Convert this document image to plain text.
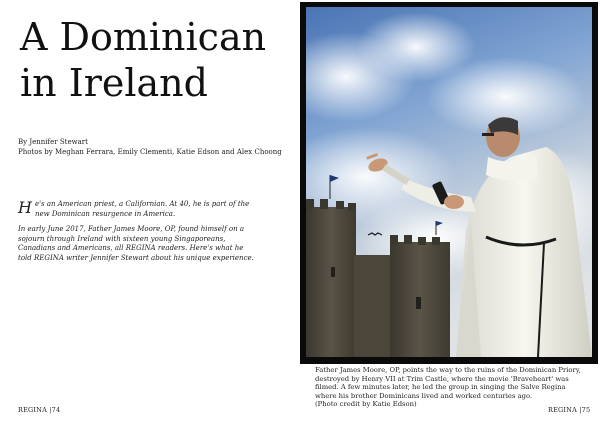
A Dominican
in Ireland
By Jennifer Stewart
Photos by Meghan Ferrara, Emily Clementi, Katie Edson and Alex Choong

He's an American priest, a Californian. At 40, he is part of the new Dominican resurgence in America.

In early June 2017, Father James Moore, OP, found himself on a sojourn through Ireland with sixteen young Singaporeans, Canadians and Americans, all REGINA readers. Here's what he told REGINA writer Jennifer Stewart about his unique experience.

REGINA |74
Father James Moore, OP, points the way to the ruins of the Dominican Priory, destroyed by Henry VII at Trim Castle, where the movie 'Braveheart' was filmed. A few minutes later, he led the group in singing the Salve Regina where his brother Dominicans lived and worked centuries ago.
(Photo credit by Katie Edson)
REGINA |75
